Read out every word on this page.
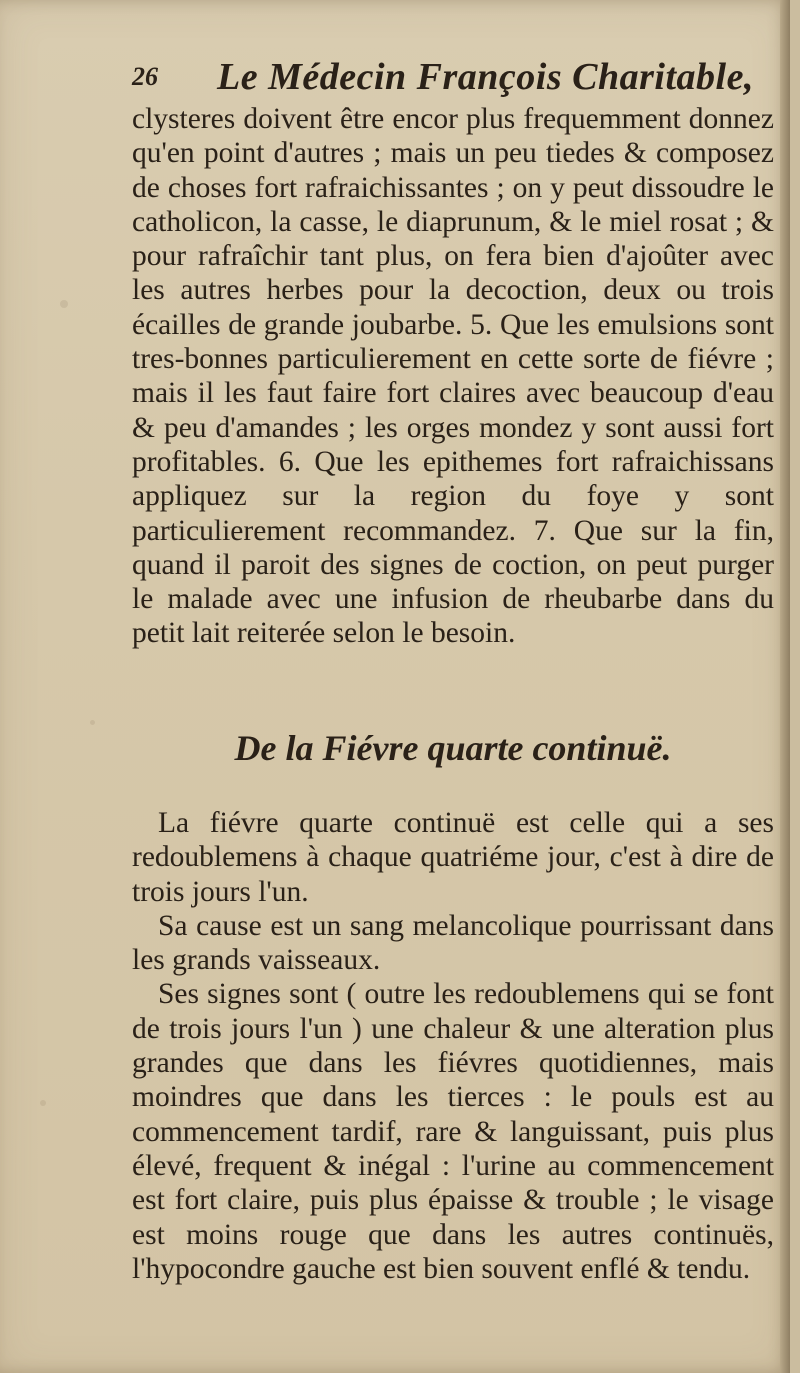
26 Le Médecin François Charitable,

clysteres doivent être encor plus frequemment donnez qu'en point d'autres ; mais un peu tiedes & composez de choses fort rafraichissantes ; on y peut dissoudre le catholicon, la casse, le diaprunum, & le miel rosat ; & pour rafraîchir tant plus, on fera bien d'ajoûter avec les autres herbes pour la decoction, deux ou trois écailles de grande joubarbe. 5. Que les emulsions sont tres-bonnes particulierement en cette sorte de fiévre ; mais il les faut faire fort claires avec beaucoup d'eau & peu d'amandes ; les orges mondez y sont aussi fort profitables. 6. Que les epithemes fort rafraichissans appliquez sur la region du foye y sont particulierement recommandez. 7. Que sur la fin, quand il paroit des signes de coction, on peut purger le malade avec une infusion de rheubarbe dans du petit lait reiterée selon le besoin.

De la Fiévre quarte continuë.

La fiévre quarte continuë est celle qui a ses redoublemens à chaque quatriéme jour, c'est à dire de trois jours l'un.

Sa cause est un sang melancolique pourrissant dans les grands vaisseaux.

Ses signes sont ( outre les redoublemens qui se font de trois jours l'un ) une chaleur & une alteration plus grandes que dans les fiévres quotidiennes, mais moindres que dans les tierces : le pouls est au commencement tardif, rare & languissant, puis plus élevé, frequent & inégal : l'urine au commencement est fort claire, puis plus épaisse & trouble ; le visage est moins rouge que dans les autres continuës, l'hypocondre gauche est bien souvent enflé & tendu.
